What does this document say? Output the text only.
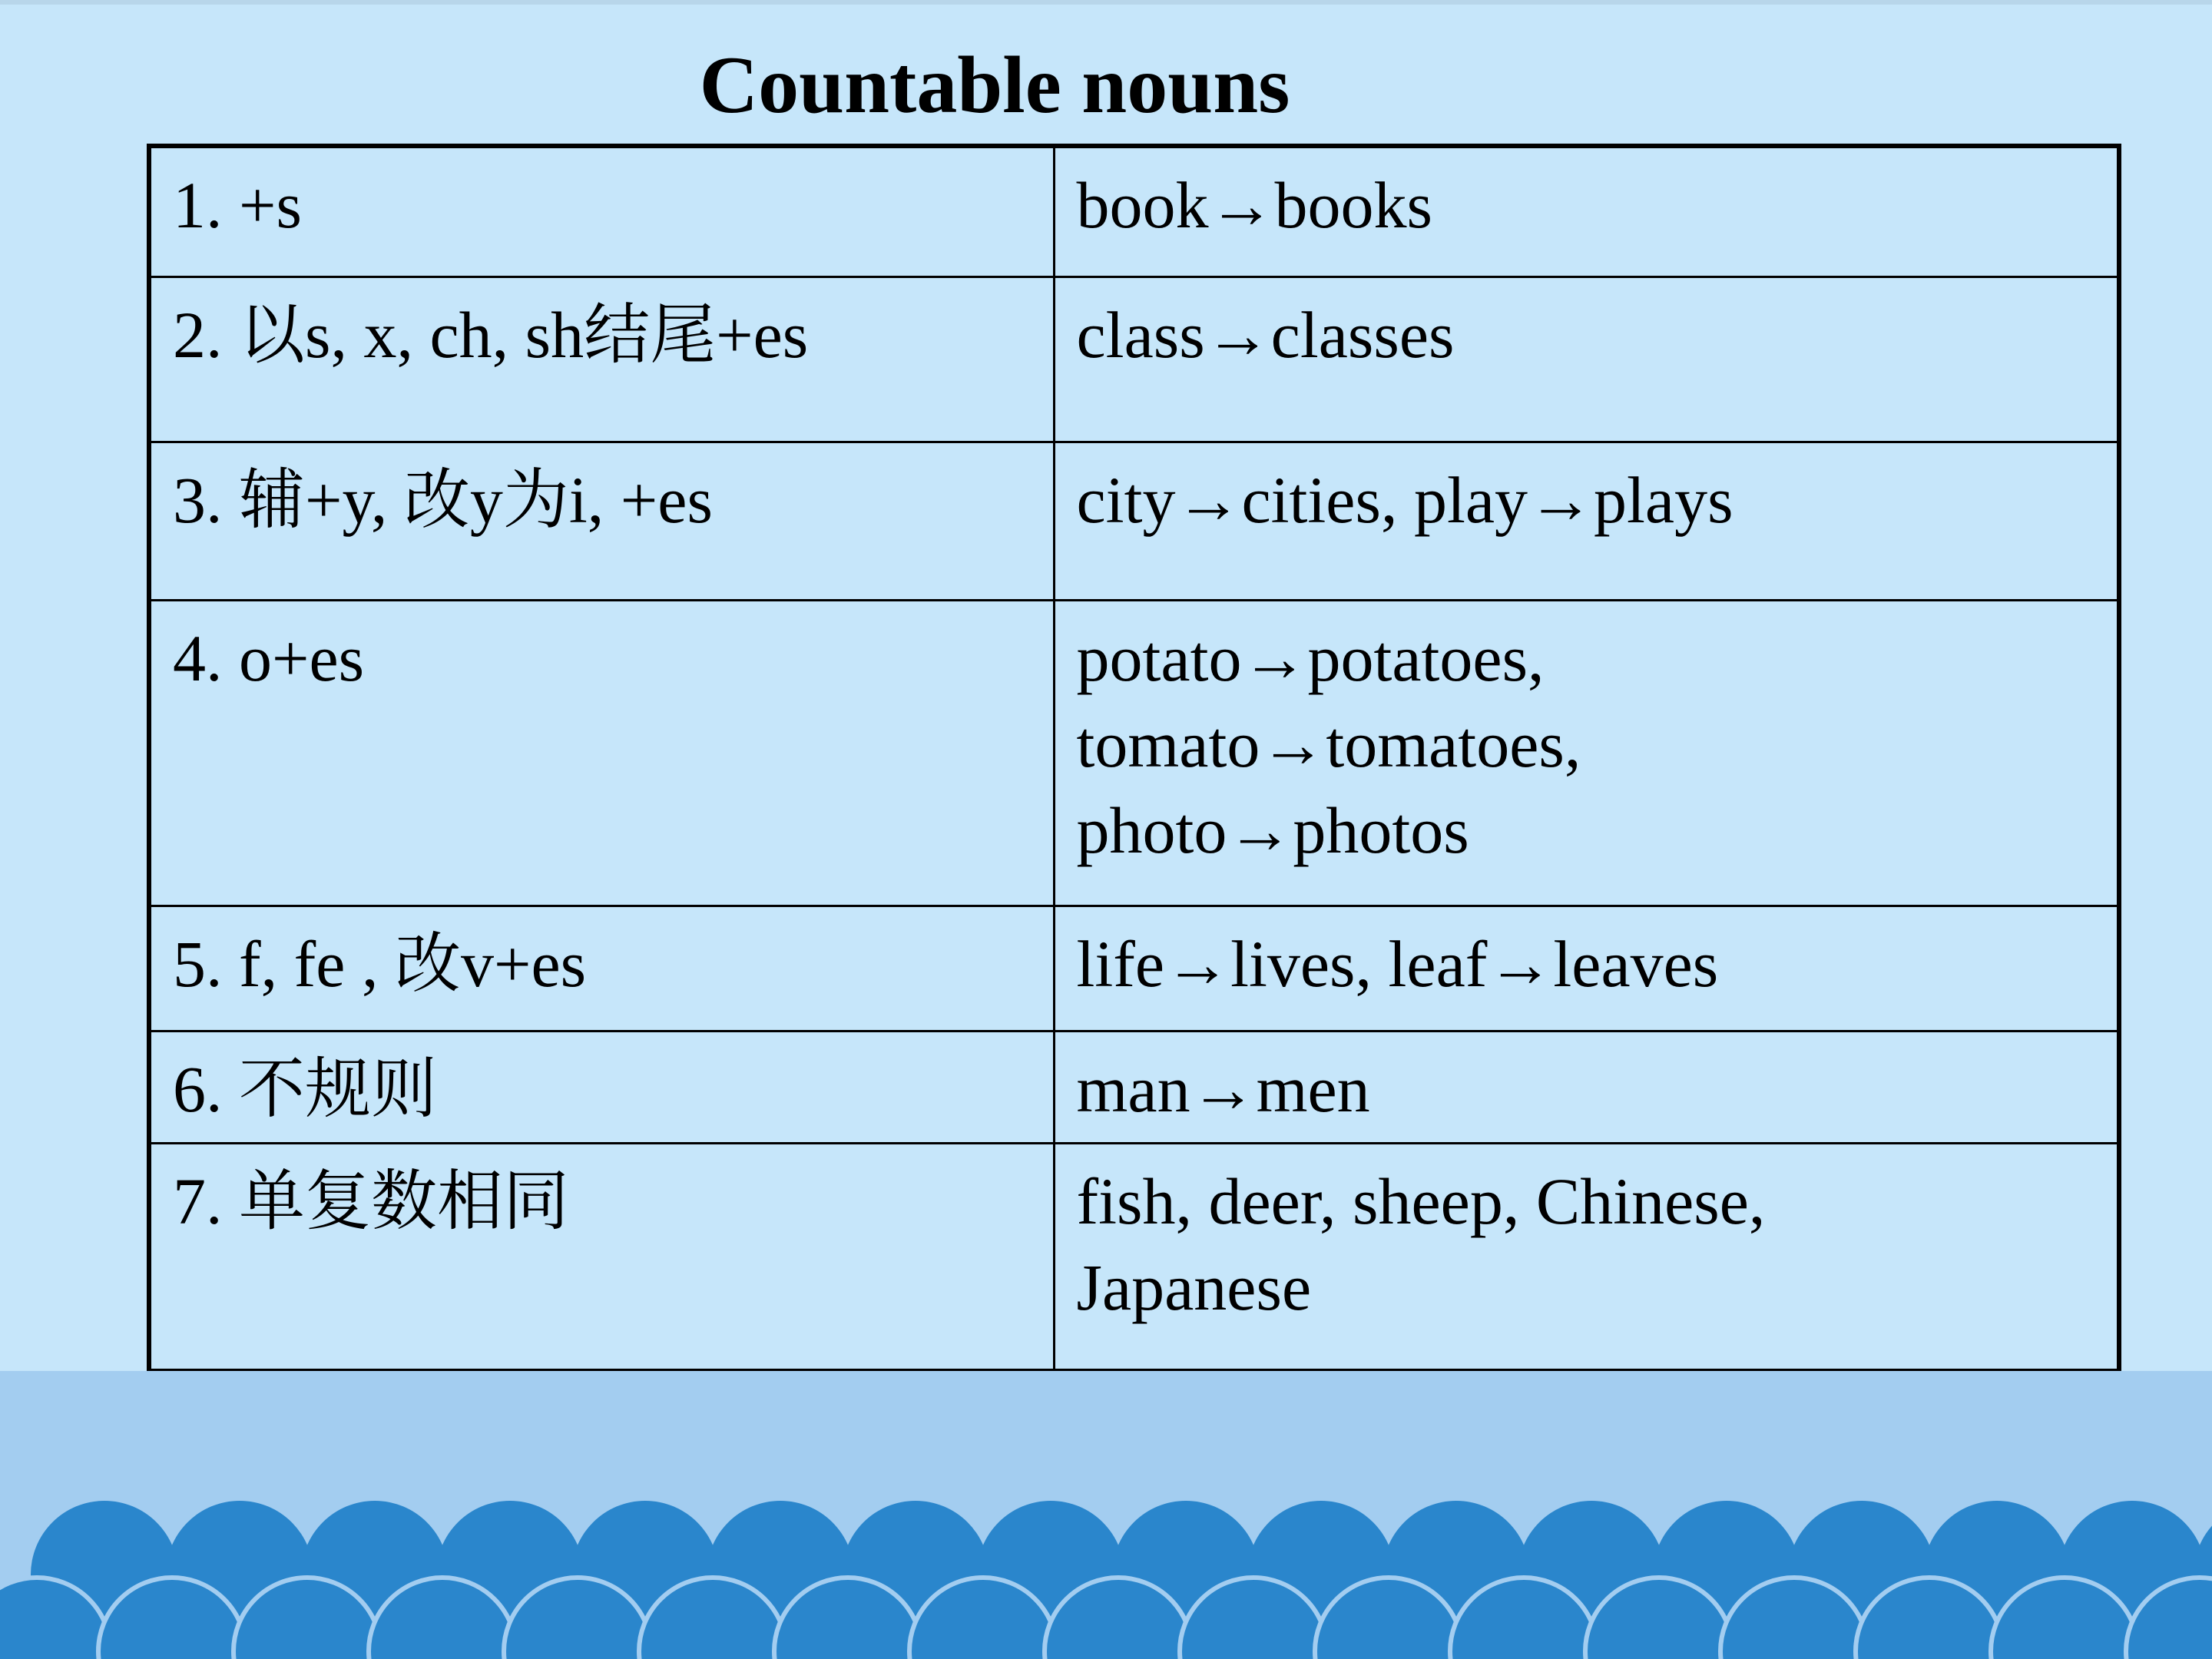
Countable nouns
1. +s	book→books
2. 以s, x, ch, sh结尾+es	class→classes
3. 辅+y, 改y为i, +es	city→cities, play→plays
4. o+es	potato→potatoes,
tomato→tomatoes,
photo→photos
5. f, fe , 改v+es	life→lives, leaf→leaves
6. 不规则	man→men
7. 单复数相同	fish, deer, sheep, Chinese,
Japanese
